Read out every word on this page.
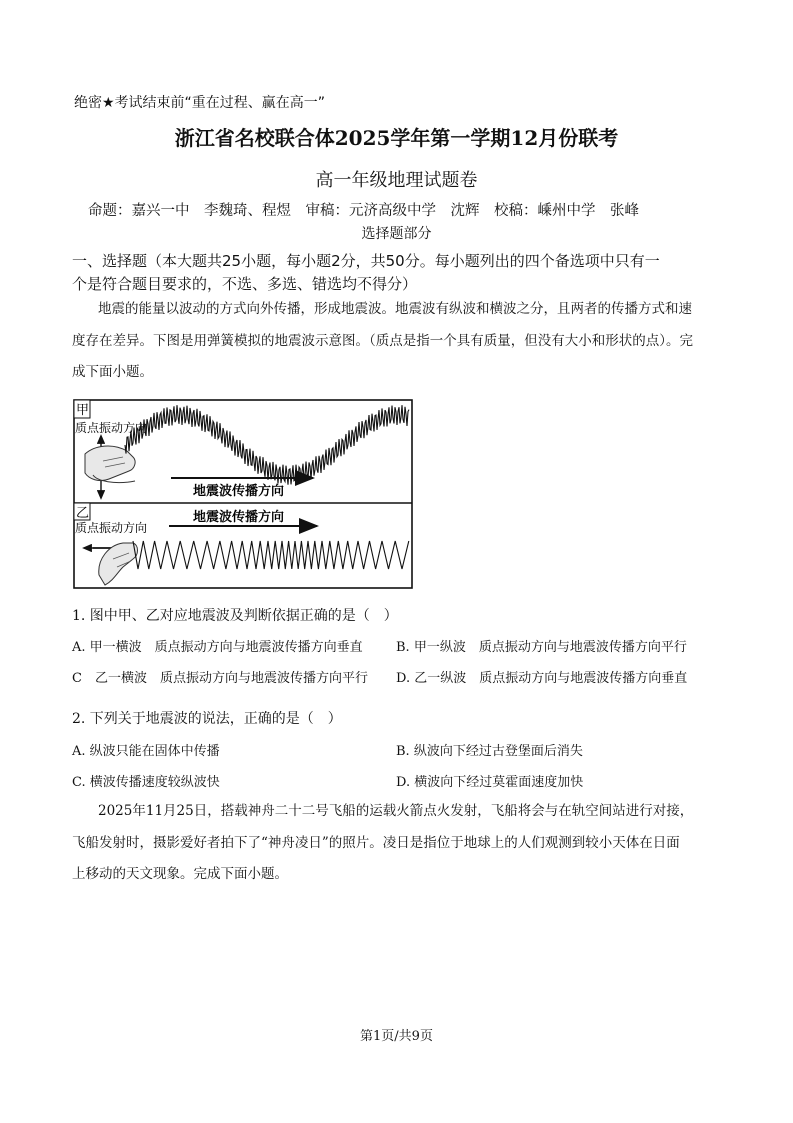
绝密★考试结束前“重在过程、赢在高一”
浙江省名校联合体2025学年第一学期12月份联考
高一年级地理试题卷
命题：嘉兴一中　李魏琦、程煜　审稿：元济高级中学　沈辉　校稿：嵊州中学　张峰
选择题部分
一、选择题（本大题共25小题，每小题2分，共50分。每小题列出的四个备选项中只有一
个是符合题目要求的，不选、多选、错选均不得分）
地震的能量以波动的方式向外传播，形成地震波。地震波有纵波和横波之分，且两者的传播方式和速
度存在差异。下图是用弹簧模拟的地震波示意图。（质点是指一个具有质量，但没有大小和形状的点）。完
成下面小题。
甲
质点振动方向
地震波传播方向
乙
质点振动方向
地震波传播方向
1. 图中甲、乙对应地震波及判断依据正确的是（　）
A. 甲一横波　质点振动方向与地震波传播方向垂直	B. 甲一纵波　质点振动方向与地震波传播方向平行
C　乙一横波　质点振动方向与地震波传播方向平行 D. 乙一纵波　质点振动方向与地震波传播方向垂直
2. 下列关于地震波的说法，正确的是（　）
A. 纵波只能在固体中传播	B. 纵波向下经过古登堡面后消失
C. 横波传播速度较纵波快	D. 横波向下经过莫霍面速度加快
2025年11月25日，搭载神舟二十二号飞船的运载火箭点火发射，飞船将会与在轨空间站进行对接，
飞船发射时，摄影爱好者拍下了“神舟凌日”的照片。凌日是指位于地球上的人们观测到较小天体在日面
上移动的天文现象。完成下面小题。
第1页/共9页
